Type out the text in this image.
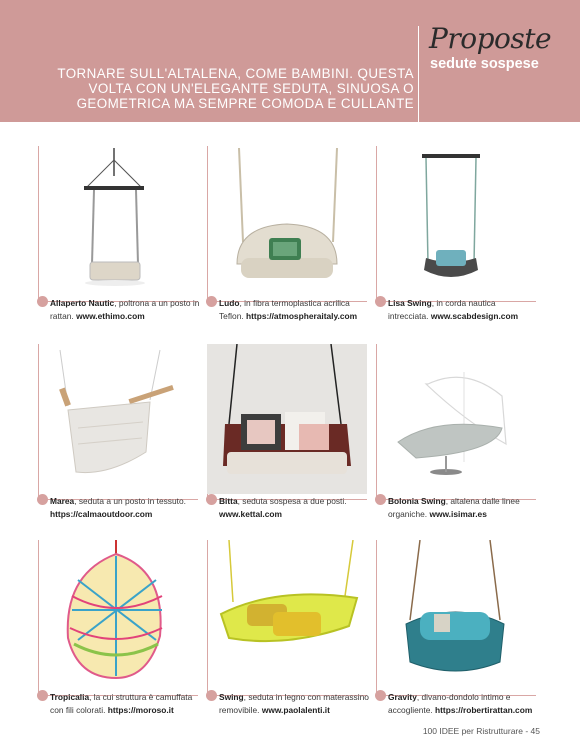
TORNARE SULL'ALTALENA, COME BAMBINI. QUESTA
VOLTA CON UN'ELEGANTE SEDUTA, SINUOSA O
GEOMETRICA MA SEMPRE COMODA E CULLANTE
Proposte
sedute sospese
Allaperto Nautic, poltrona a un posto in rattan. www.ethimo.com
Ludo, in fibra termoplastica acrilica Teflon. https://atmospheraitaly.com
Lisa Swing, in corda nautica intrecciata. www.scabdesign.com
Marea, seduta a un posto in tessuto. https://calmaoutdoor.com
Bitta, seduta sospesa a due posti. www.kettal.com
Bolonia Swing, altalena dalle linee organiche. www.isimar.es
Tropicalia, la cui struttura è camuffata con fili colorati. https://moroso.it
Swing, seduta in legno con materassino removibile. www.paolalenti.it
Gravity, divano-dondolo intimo e accogliente. https://robertirattan.com
100 IDEE per Ristrutturare - 45
